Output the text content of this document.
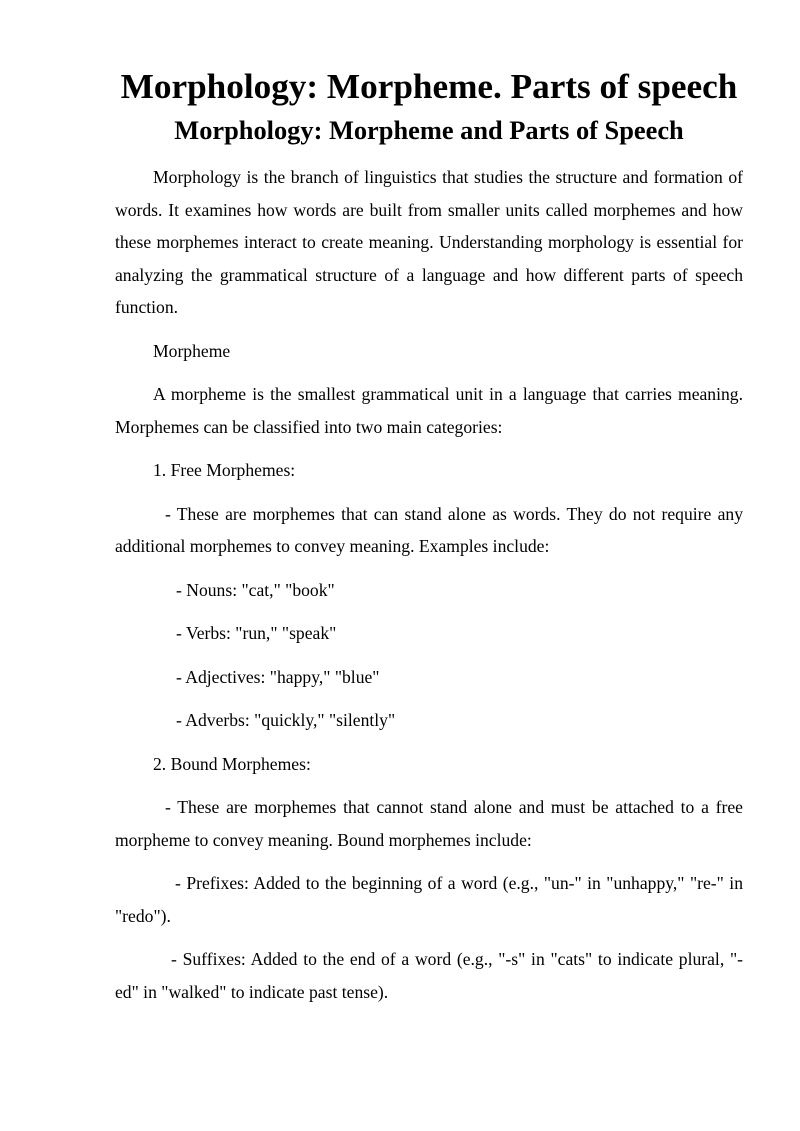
Morphology: Morpheme. Parts of speech
Morphology: Morpheme and Parts of Speech

Morphology is the branch of linguistics that studies the structure and formation of words. It examines how words are built from smaller units called morphemes and how these morphemes interact to create meaning. Understanding morphology is essential for analyzing the grammatical structure of a language and how different parts of speech function.

Morpheme

A morpheme is the smallest grammatical unit in a language that carries meaning. Morphemes can be classified into two main categories:

1. Free Morphemes:

- These are morphemes that can stand alone as words. They do not require any additional morphemes to convey meaning. Examples include:

- Nouns: "cat," "book"

- Verbs: "run," "speak"

- Adjectives: "happy," "blue"

- Adverbs: "quickly," "silently"

2. Bound Morphemes:

- These are morphemes that cannot stand alone and must be attached to a free morpheme to convey meaning. Bound morphemes include:

- Prefixes: Added to the beginning of a word (e.g., "un-" in "unhappy," "re-" in "redo").

- Suffixes: Added to the end of a word (e.g., "-s" in "cats" to indicate plural, "-ed" in "walked" to indicate past tense).
